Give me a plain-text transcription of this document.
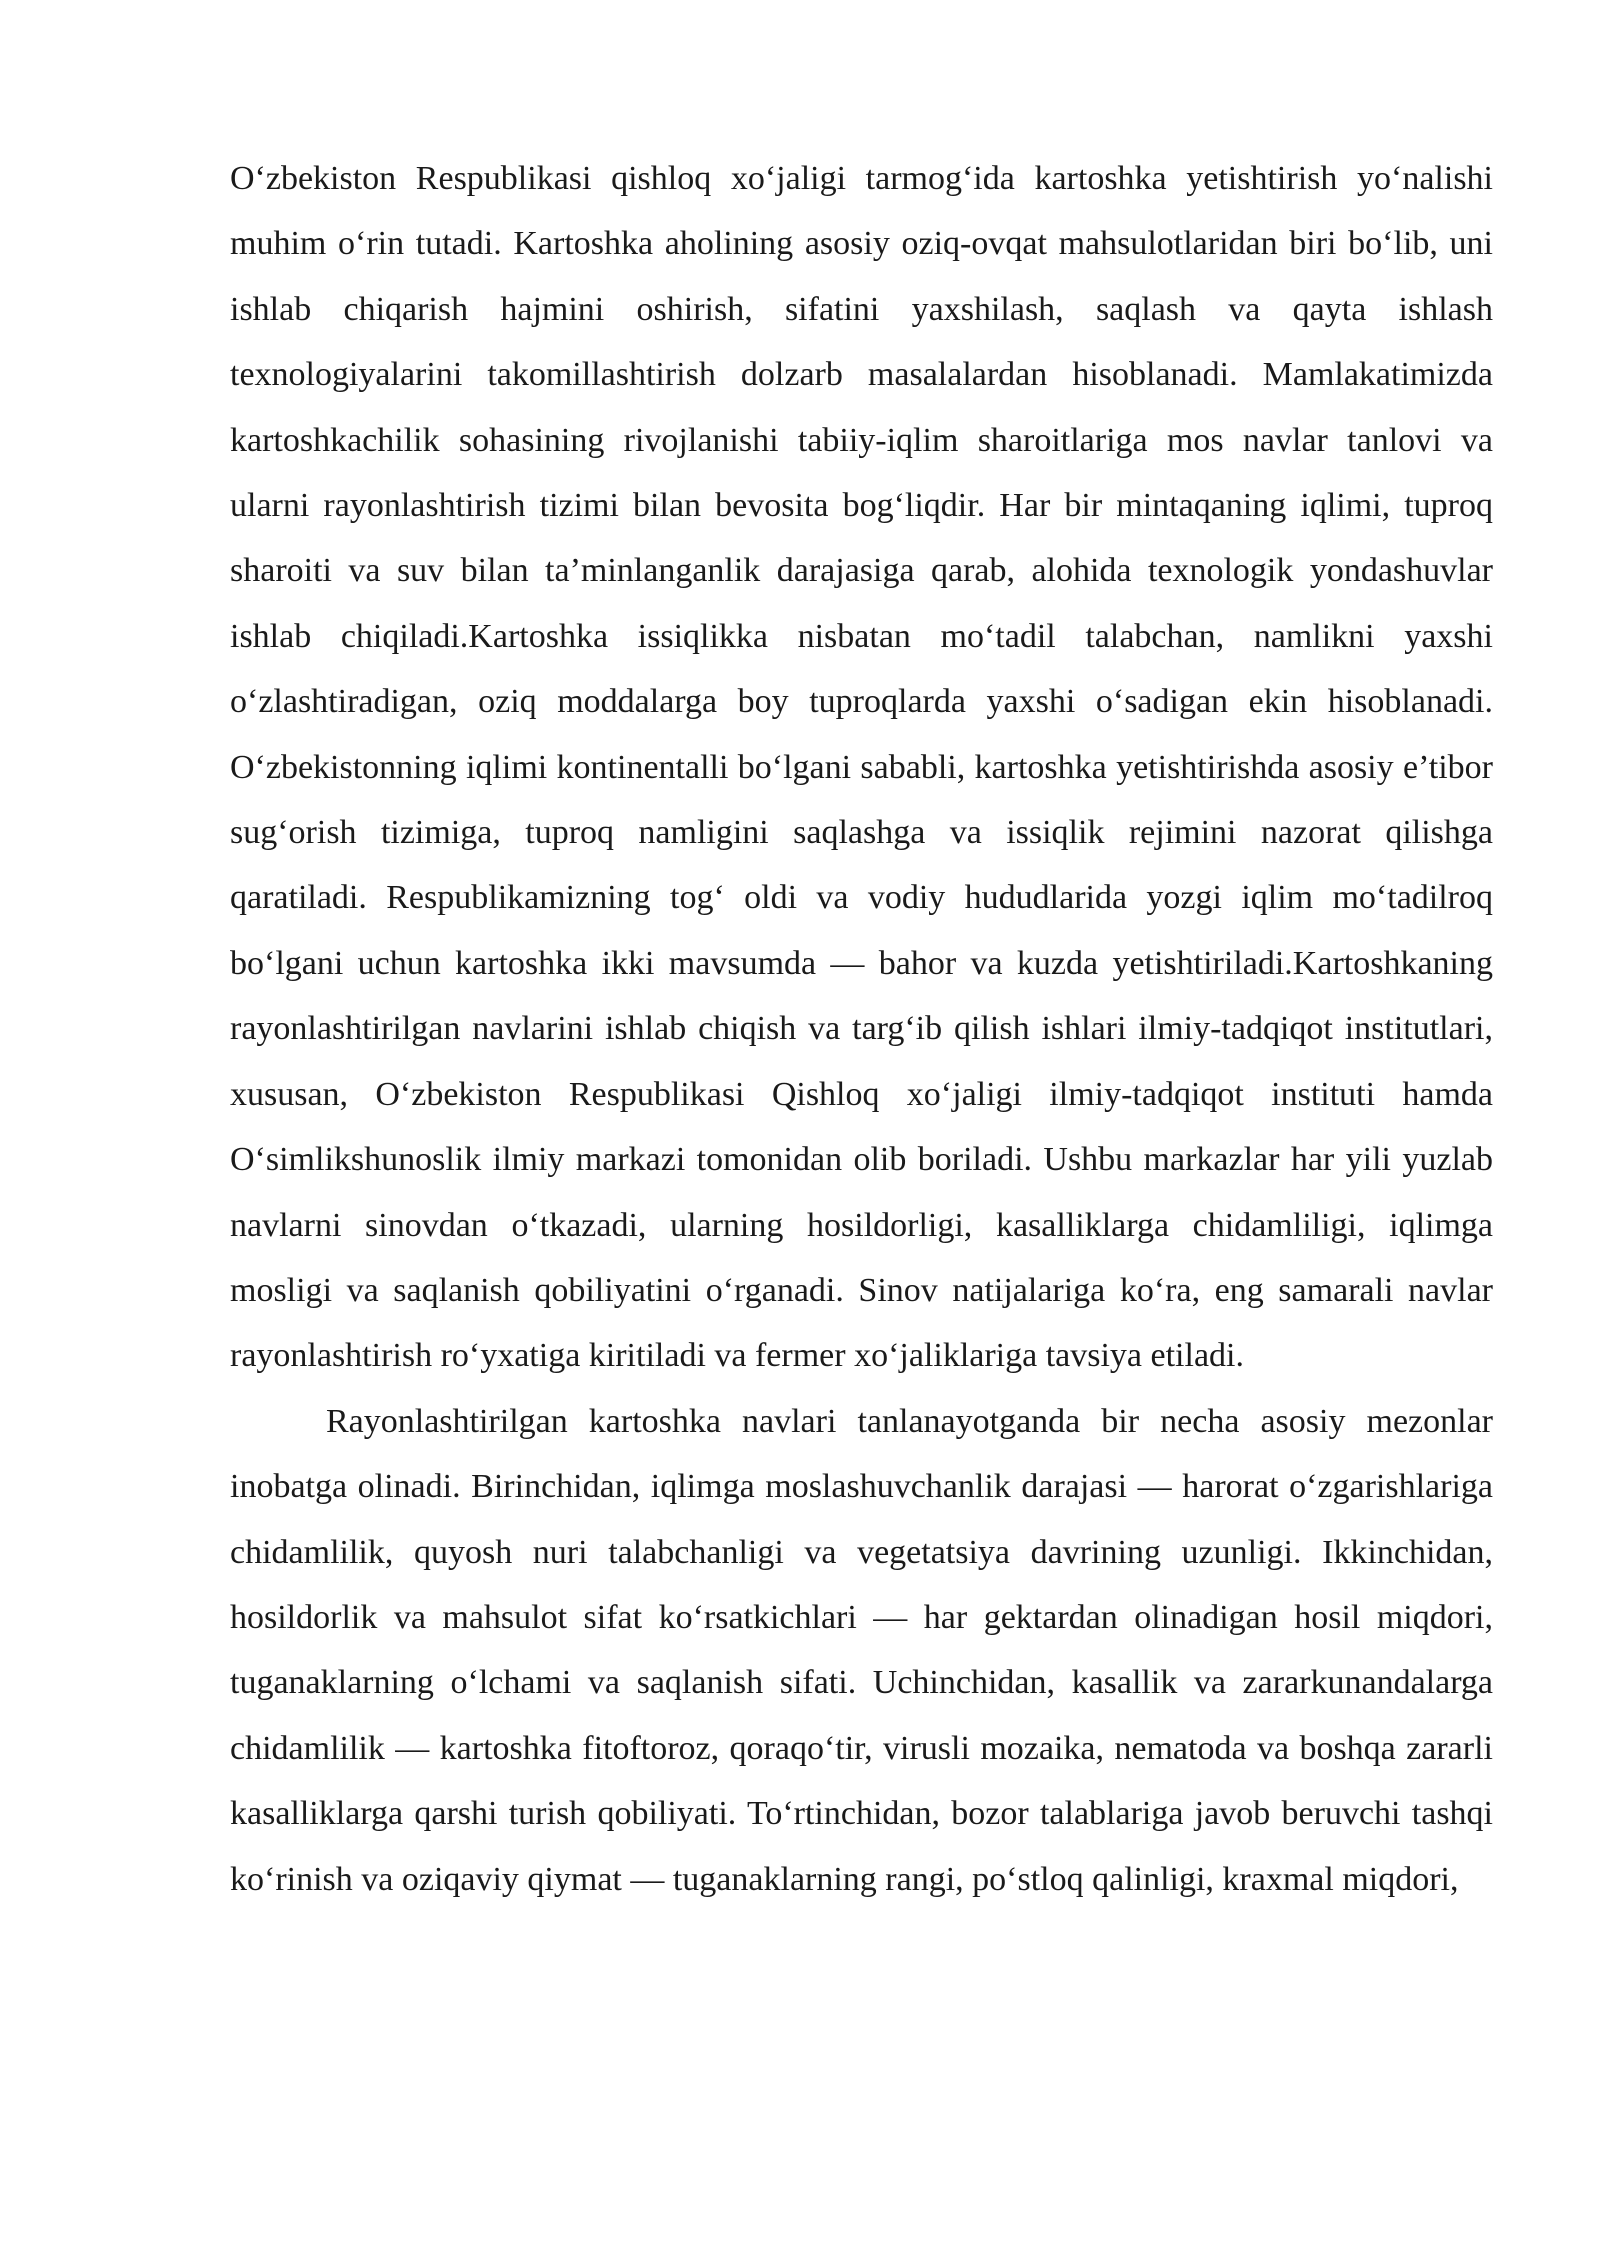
O‘zbekiston Respublikasi qishloq xo‘jaligi tarmog‘ida kartoshka yetishtirish yo‘nalishi muhim o‘rin tutadi. Kartoshka aholining asosiy oziq-ovqat mahsulotlaridan biri bo‘lib, uni ishlab chiqarish hajmini oshirish, sifatini yaxshilash, saqlash va qayta ishlash texnologiyalarini takomillashtirish dolzarb masalalardan hisoblanadi. Mamlakatimizda kartoshkachilik sohasining rivojlanishi tabiiy-iqlim sharoitlariga mos navlar tanlovi va ularni rayonlashtirish tizimi bilan bevosita bog‘liqdir. Har bir mintaqaning iqlimi, tuproq sharoiti va suv bilan ta’minlanganlik darajasiga qarab, alohida texnologik yondashuvlar ishlab chiqiladi.Kartoshka issiqlikka nisbatan mo‘tadil talabchan, namlikni yaxshi o‘zlashtiradigan, oziq moddalarga boy tuproqlarda yaxshi o‘sadigan ekin hisoblanadi. O‘zbekistonning iqlimi kontinentalli bo‘lgani sababli, kartoshka yetishtirishda asosiy e’tibor sug‘orish tizimiga, tuproq namligini saqlashga va issiqlik rejimini nazorat qilishga qaratiladi. Respublikamizning tog‘ oldi va vodiy hududlarida yozgi iqlim mo‘tadilroq bo‘lgani uchun kartoshka ikki mavsumda — bahor va kuzda yetishtiriladi.Kartoshkaning rayonlashtirilgan navlarini ishlab chiqish va targ‘ib qilish ishlari ilmiy-tadqiqot institutlari, xususan, O‘zbekiston Respublikasi Qishloq xo‘jaligi ilmiy-tadqiqot instituti hamda O‘simlikshunoslik ilmiy markazi tomonidan olib boriladi. Ushbu markazlar har yili yuzlab navlarni sinovdan o‘tkazadi, ularning hosildorligi, kasalliklarga chidamliligi, iqlimga mosligi va saqlanish qobiliyatini o‘rganadi. Sinov natijalariga ko‘ra, eng samarali navlar rayonlashtirish ro‘yxatiga kiritiladi va fermer xo‘jaliklariga tavsiya etiladi.

Rayonlashtirilgan kartoshka navlari tanlanayotganda bir necha asosiy mezonlar inobatga olinadi. Birinchidan, iqlimga moslashuvchanlik darajasi — harorat o‘zgarishlariga chidamlilik, quyosh nuri talabchanligi va vegetatsiya davrining uzunligi. Ikkinchidan, hosildorlik va mahsulot sifat ko‘rsatkichlari — har gektardan olinadigan hosil miqdori, tuganaklarning o‘lchami va saqlanish sifati. Uchinchidan, kasallik va zararkunandalarga chidamlilik — kartoshka fitoftoroz, qoraqo‘tir, virusli mozaika, nematoda va boshqa zararli kasalliklarga qarshi turish qobiliyati. To‘rtinchidan, bozor talablariga javob beruvchi tashqi ko‘rinish va oziqaviy qiymat — tuganaklarning rangi, po‘stloq qalinligi, kraxmal miqdori,
